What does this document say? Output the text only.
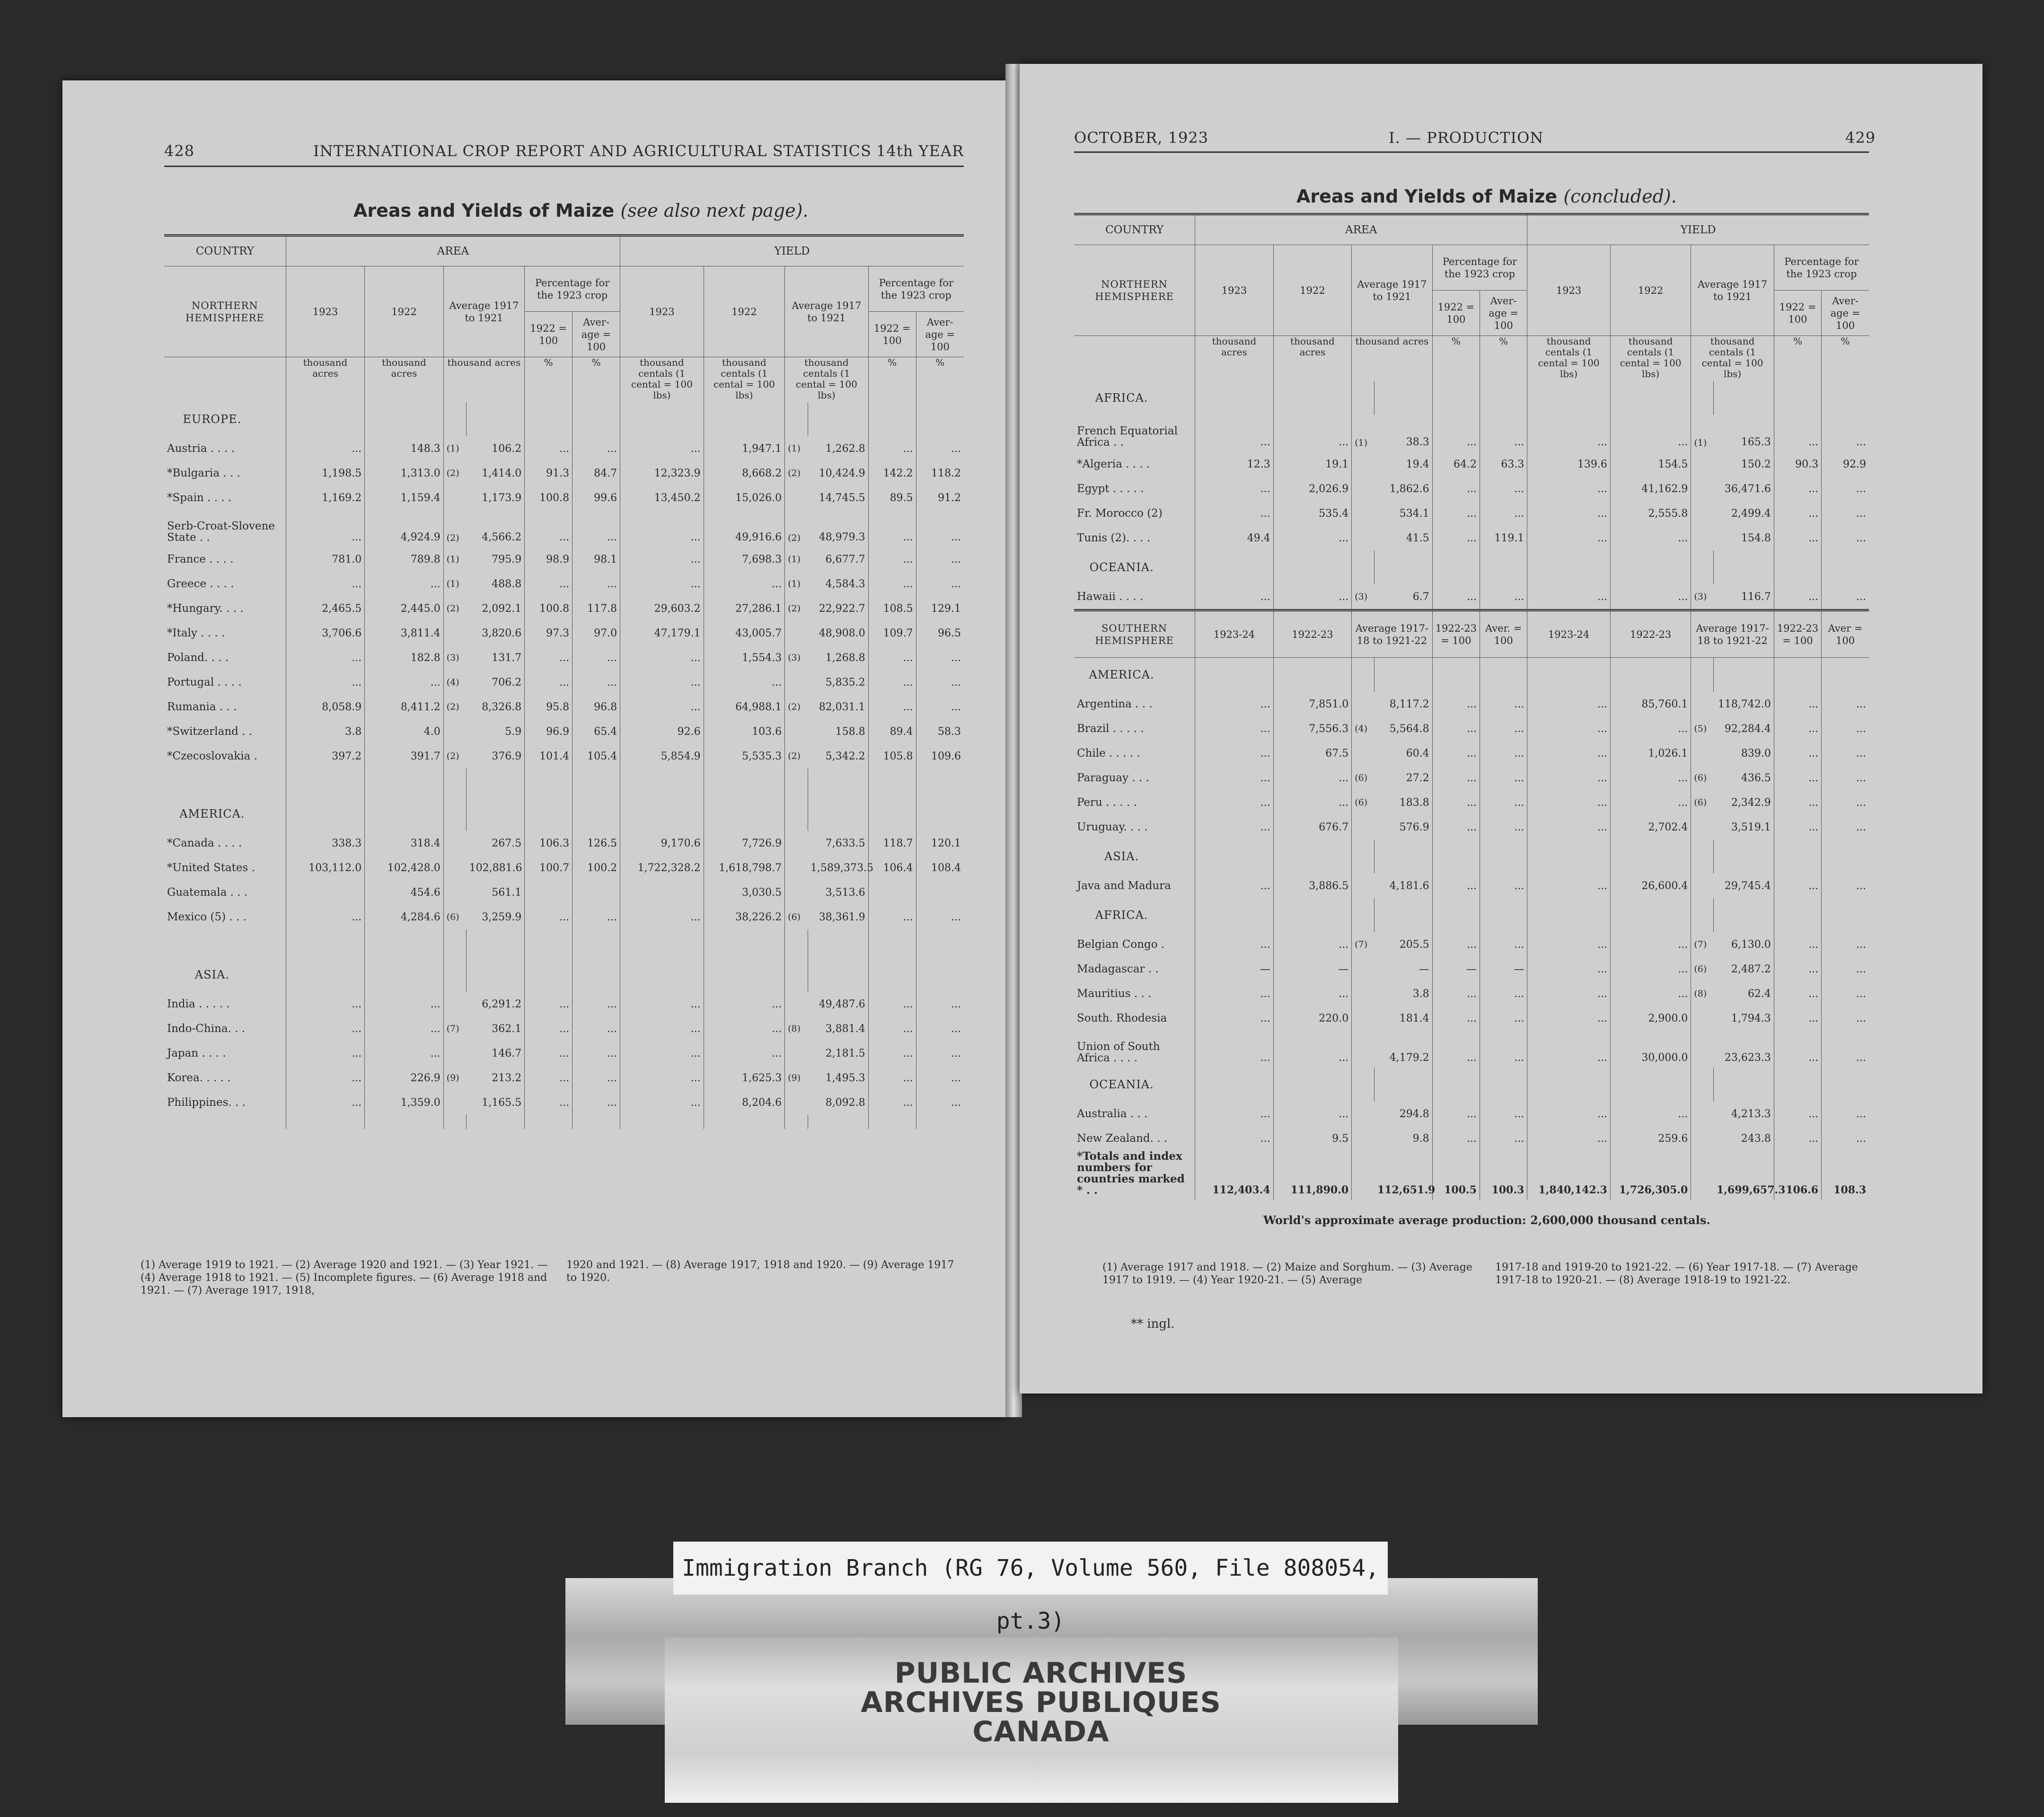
428	INTERNATIONAL CROP REPORT AND AGRICULTURAL STATISTICS 14th YEAR
Areas and Yields of Maize (see also next page).
COUNTRY	AREA						YIELD					
NORTHERN HEMISPHERE	1923	1922	Average 1917 to 1921		Percentage for the 1923 crop		1923	1922	Average 1917 to 1921		Percentage for the 1923 crop	
					1922 = 100	Aver-age = 100					1922 = 100	Aver-age = 100
	thousand acres	thousand acres	thousand acres		%	%	thousand centals (1 cental = 100 lbs)	thousand centals (1 cental = 100 lbs)	thousand centals (1 cental = 100 lbs)		%	%
EUROPE.												
Austria . . . .	...	148.3	(1)	106.2	...	...	...	1,947.1	(1)	1,262.8	...	...
*Bulgaria . . .	1,198.5	1,313.0	(2)	1,414.0	91.3	84.7	12,323.9	8,668.2	(2)	10,424.9	142.2	118.2
*Spain . . . .	1,169.2	1,159.4		1,173.9	100.8	99.6	13,450.2	15,026.0		14,745.5	89.5	91.2
Serb-Croat-Slovene State . .	...	4,924.9	(2)	4,566.2	...	...	...	49,916.6	(2)	48,979.3	...	...
France . . . .	781.0	789.8	(1)	795.9	98.9	98.1	...	7,698.3	(1)	6,677.7	...	...
Greece . . . .	...	...	(1)	488.8	...	...	...	...	(1)	4,584.3	...	...
*Hungary. . . .	2,465.5	2,445.0	(2)	2,092.1	100.8	117.8	29,603.2	27,286.1	(2)	22,922.7	108.5	129.1
*Italy . . . .	3,706.6	3,811.4		3,820.6	97.3	97.0	47,179.1	43,005.7		48,908.0	109.7	96.5
Poland. . . .	...	182.8	(3)	131.7	...	...	...	1,554.3	(3)	1,268.8	...	...
Portugal . . . .	...	...	(4)	706.2	...	...	...	...		5,835.2	...	...
Rumania . . .	8,058.9	8,411.2	(2)	8,326.8	95.8	96.8	...	64,988.1	(2)	82,031.1	...	...
*Switzerland . .	3.8	4.0		5.9	96.9	65.4	92.6	103.6		158.8	89.4	58.3
*Czecoslovakia .	397.2	391.7	(2)	376.9	101.4	105.4	5,854.9	5,535.3	(2)	5,342.2	105.8	109.6

AMERICA.												
*Canada . . . .	338.3	318.4		267.5	106.3	126.5	9,170.6	7,726.9		7,633.5	118.7	120.1
*United States .	103,112.0	102,428.0		102,881.6	100.7	100.2	1,722,328.2	1,618,798.7		1,589,373.5	106.4	108.4
Guatemala . . .		454.6		561.1				3,030.5		3,513.6		
Mexico (5) . . .	...	4,284.6	(6)	3,259.9	...	...	...	38,226.2	(6)	38,361.9	...	...

ASIA.												
India . . . . .	...	...		6,291.2	...	...	...	...		49,487.6	...	...
Indo-China. . .	...	...	(7)	362.1	...	...	...	...	(8)	3,881.4	...	...
Japan . . . .	...	...		146.7	...	...	...	...		2,181.5	...	...
Korea. . . . .	...	226.9	(9)	213.2	...	...	...	1,625.3	(9)	1,495.3	...	...
Philippines. . .	...	1,359.0		1,165.5	...	...	...	8,204.6		8,092.8	...	...

(1) Average 1919 to 1921. — (2) Average 1920 and 1921. — (3) Year 1921. — (4) Average 1918 to 1921. — (5) Incomplete figures. — (6) Average 1918 and 1921. — (7) Average 1917, 1918,
1920 and 1921. — (8) Average 1917, 1918 and 1920. — (9) Average 1917 to 1920.
OCTOBER, 1923	I. — PRODUCTION	429
Areas and Yields of Maize (concluded).
COUNTRY	AREA						YIELD					
NORTHERN HEMISPHERE	1923	1922	Average 1917 to 1921		Percentage for the 1923 crop		1923	1922	Average 1917 to 1921		Percentage for the 1923 crop	
					1922 = 100	Aver-age = 100					1922 = 100	Aver-age = 100
	thousand acres	thousand acres	thousand acres		%	%	thousand centals (1 cental = 100 lbs)	thousand centals (1 cental = 100 lbs)	thousand centals (1 cental = 100 lbs)		%	%
AFRICA.												
French Equatorial Africa . .	...	...	(1)	38.3	...	...	...	...	(1)	165.3	...	...
*Algeria . . . .	12.3	19.1		19.4	64.2	63.3	139.6	154.5		150.2	90.3	92.9
Egypt . . . . .	...	2,026.9		1,862.6	...	...	...	41,162.9		36,471.6	...	...
Fr. Morocco (2)	...	535.4		534.1	...	...	...	2,555.8		2,499.4	...	...
Tunis (2). . . .	49.4	...		41.5	...	119.1	...	...		154.8	...	...
OCEANIA.												
Hawaii . . . .	...	...	(3)	6.7	...	...	...	...	(3)	116.7	...	...
SOUTHERN HEMISPHERE	1923-24	1922-23	Average 1917-18 to 1921-22		1922-23 = 100	Aver. = 100	1923-24	1922-23	Average 1917-18 to 1921-22		1922-23 = 100	Aver = 100
AMERICA.												
Argentina . . .	...	7,851.0		8,117.2	...	...	...	85,760.1		118,742.0	...	...
Brazil . . . . .	...	7,556.3	(4)	5,564.8	...	...	...	...	(5)	92,284.4	...	...
Chile . . . . .	...	67.5		60.4	...	...	...	1,026.1		839.0	...	...
Paraguay . . .	...	...	(6)	27.2	...	...	...	...	(6)	436.5	...	...
Peru . . . . .	...	...	(6)	183.8	...	...	...	...	(6)	2,342.9	...	...
Uruguay. . . .	...	676.7		576.9	...	...	...	2,702.4		3,519.1	...	...
ASIA.												
Java and Madura	...	3,886.5		4,181.6	...	...	...	26,600.4		29,745.4	...	...
AFRICA.												
Belgian Congo .	...	...	(7)	205.5	...	...	...	...	(7)	6,130.0	...	...
Madagascar . .	—	—		—	—	—	...	...	(6)	2,487.2	...	...
Mauritius . . .	...	...		3.8	...	...	...	...	(8)	62.4	...	...
South. Rhodesia	...	220.0		181.4	...	...	...	2,900.0		1,794.3	...	...
Union of South Africa . . . .	...	...		4,179.2	...	...	...	30,000.0		23,623.3	...	...
OCEANIA.												
Australia . . .	...	...		294.8	...	...	...	...		4,213.3	...	...
New Zealand. . .	...	9.5		9.8	...	...	...	259.6		243.8	...	...
*Totals and index numbers for countries marked * . .	112,403.4	111,890.0		112,651.9	100.5	100.3	1,840,142.3	1,726,305.0		1,699,657.3	106.6	108.3
World's approximate average production: 2,600,000 thousand centals.
(1) Average 1917 and 1918. — (2) Maize and Sorghum. — (3) Average 1917 to 1919. — (4) Year 1920-21. — (5) Average
1917-18 and 1919-20 to 1921-22. — (6) Year 1917-18. — (7) Average 1917-18 to 1920-21. — (8) Average 1918-19 to 1921-22.
** ingl.
Immigration Branch (RG 76, Volume 560, File 808054, pt.3)
PUBLIC ARCHIVES
ARCHIVES PUBLIQUES
CANADA
